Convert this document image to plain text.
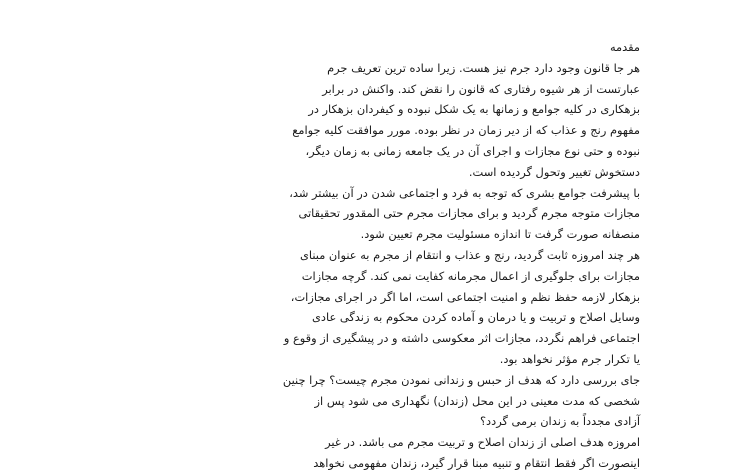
مقدمه
هر جا قانون وجود دارد جرم نیز هست. زیرا ساده ترین تعریف جرم
عبارتست از هر شیوه رفتاری که قانون را نقض کند. واکنش در برابر
بزهکاری در کلیه جوامع و زمانها به یک شکل نبوده و کیفردان بزهکار در
مفهوم رنج و عذاب که از دیر زمان در نظر بوده. مورر موافقت کلیه جوامع
نبوده و حتی نوع مجازات و اجرای آن در یک جامعه زمانی به زمان دیگر،
دستخوش تغییر وتحول گردیده است.
با پیشرفت جوامع بشری که توجه به فرد و اجتماعی شدن در آن بیشتر شد،
مجازات متوجه مجرم گردید و برای مجازات مجرم حتی المقدور تحقیقاتی
منصفانه صورت گرفت تا اندازه مسئولیت مجرم تعیین شود.
هر چند امروزه ثابت گردید، رنج و عذاب و انتقام از مجرم به عنوان مبنای
مجازات برای جلوگیری از اعمال مجرمانه کفایت نمی کند. گرچه مجازات
بزهکار لازمه حفظ نظم و امنیت اجتماعی است، اما اگر در اجرای مجازات،
وسایل اصلاح و تربیت و یا درمان و آماده کردن محکوم به زندگی عادی
اجتماعی فراهم نگردد، مجازات اثر معکوسی داشته و در پیشگیری از وقوع و
یا تکرار جرم مؤثر نخواهد بود.
جای بررسی دارد که هدف از حبس و زندانی نمودن مجرم چیست؟ چرا چنین
شخصی که مدت معینی در این محل (زندان) نگهداری می شود پس از
آزادی مجدداً به زندان برمی گردد؟
امروزه هدف اصلی از زندان اصلاح و تربیت مجرم می باشد. در غیر
اینصورت اگر فقط انتقام و تنبیه مبنا قرار گیرد، زندان مفهومی نخواهد
